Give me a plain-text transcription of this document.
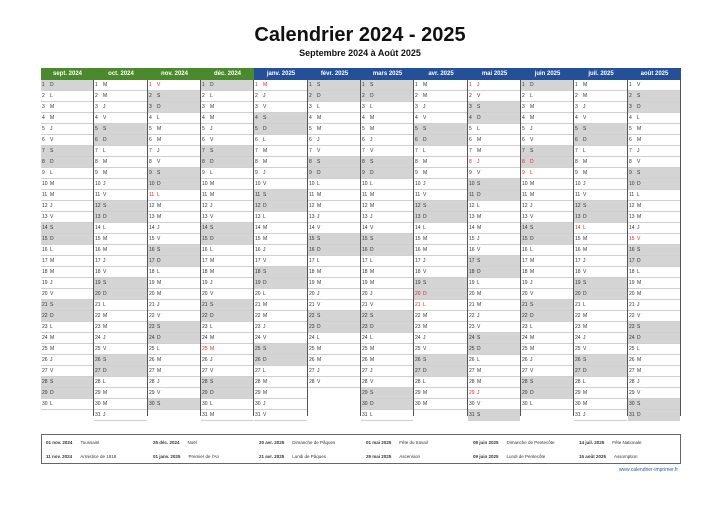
Calendrier 2024 - 2025
Septembre 2024 à Août 2025
sept. 2024
1 D
2 L
3 M
4 M
5 J
6 V
7 S
8 D
9 L
10 M
11 M
12 J
13 V
14 S
15 D
16 L
17 M
18 M
19 J
20 V
21 S
22 D
23 L
24 M
25 M
26 J
27 V
28 S
29 D
30 L
oct. 2024
1 M
2 M
3 J
4 V
5 S
6 D
7 L
8 M
9 M
10 J
11 V
12 S
13 D
14 L
15 M
16 M
17 J
18 V
19 S
20 D
21 L
22 M
23 M
24 J
25 V
26 S
27 D
28 L
29 M
30 M
31 J
nov. 2024
1 V
2 S
3 D
4 L
5 M
6 M
7 J
8 V
9 S
10 D
11 L
12 M
13 M
14 J
15 V
16 S
17 D
18 L
19 M
20 M
21 J
22 V
23 S
24 D
25 L
26 M
27 M
28 J
29 V
30 S
déc. 2024
1 D
2 L
3 M
4 M
5 J
6 V
7 S
8 D
9 L
10 M
11 M
12 J
13 V
14 S
15 D
16 L
17 M
18 M
19 J
20 V
21 S
22 D
23 L
24 M
25 M
26 J
27 V
28 S
29 D
30 L
31 M
janv. 2025
1 M
2 J
3 V
4 S
5 D
6 L
7 M
8 M
9 J
10 V
11 S
12 D
13 L
14 M
15 M
16 J
17 V
18 S
19 D
20 L
21 M
22 M
23 J
24 V
25 S
26 D
27 L
28 M
29 M
30 J
31 V
févr. 2025
1 S
2 D
3 L
4 M
5 M
6 J
7 V
8 S
9 D
10 L
11 M
12 M
13 J
14 V
15 S
16 D
17 L
18 M
19 M
20 J
21 V
22 S
23 D
24 L
25 M
26 M
27 J
28 V
mars 2025
1 S
2 D
3 L
4 M
5 M
6 J
7 V
8 S
9 D
10 L
11 M
12 M
13 J
14 V
15 S
16 D
17 L
18 M
19 M
20 J
21 V
22 S
23 D
24 L
25 M
26 M
27 J
28 V
29 S
30 D
31 L
avr. 2025
1 M
2 M
3 J
4 V
5 S
6 D
7 L
8 M
9 M
10 J
11 V
12 S
13 D
14 L
15 M
16 M
17 J
18 V
19 S
20 D
21 L
22 M
23 M
24 J
25 V
26 S
27 D
28 L
29 M
30 M
mai 2025
1 J
2 V
3 S
4 D
5 L
6 M
7 M
8 J
9 V
10 S
11 D
12 L
13 M
14 M
15 J
16 V
17 S
18 D
19 L
20 M
21 M
22 J
23 V
24 S
25 D
26 L
27 M
28 M
29 J
30 V
31 S
juin 2025
1 D
2 L
3 M
4 M
5 J
6 V
7 S
8 D
9 L
10 M
11 M
12 J
13 V
14 S
15 D
16 L
17 M
18 M
19 J
20 V
21 S
22 D
23 L
24 M
25 M
26 J
27 V
28 S
29 D
30 L
juil. 2025
1 M
2 M
3 J
4 V
5 S
6 D
7 L
8 M
9 M
10 J
11 V
12 S
13 D
14 L
15 M
16 M
17 J
18 V
19 S
20 D
21 L
22 M
23 M
24 J
25 V
26 S
27 D
28 L
29 M
30 M
31 J
août 2025
1 V
2 S
3 D
4 L
5 M
6 M
7 J
8 V
9 S
10 D
11 L
12 M
13 M
14 J
15 V
16 S
17 D
18 L
19 M
20 M
21 J
22 V
23 S
24 D
25 L
26 M
27 M
28 J
29 V
30 S
31 D
01 nov. 2024 Toussaint
11 nov. 2024 Armistice de 1918
25 déc. 2024 Noël
01 janv. 2025 Premier de l'An
20 avr. 2025 Dimanche de Pâques
21 avr. 2025 Lundi de Pâques
01 mai 2025 Fête du travail
29 mai 2025 Ascension
08 juin 2025 Dimanche de Pentecôte
09 juin 2025 Lundi de Pentecôte
14 juil. 2025 Fête Nationale
15 août 2025 Assomption
www.calendrier-imprimer.fr
